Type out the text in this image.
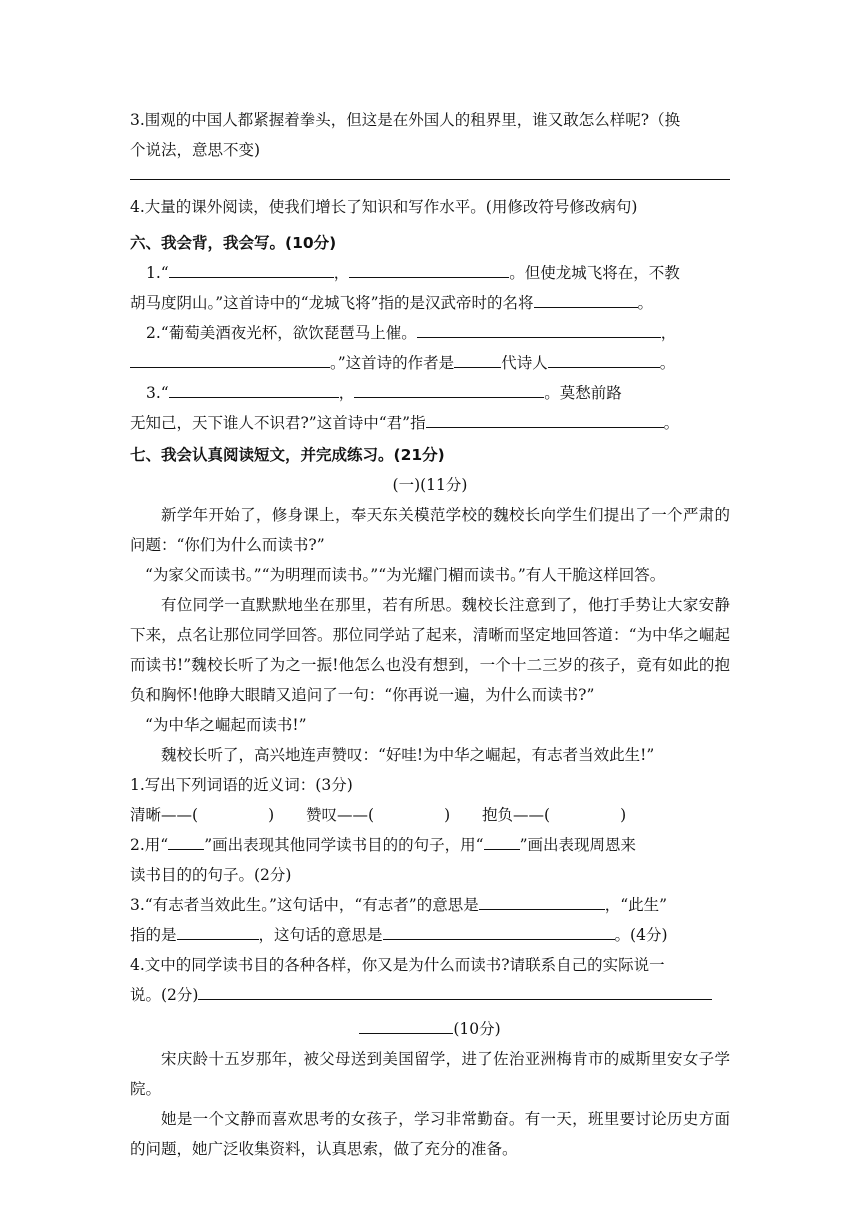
3.围观的中国人都紧握着拳头，但这是在外国人的租界里，谁又敢怎么样呢?（换
个说法，意思不变)
4.大量的课外阅读，使我们增长了知识和写作水平。(用修改符号修改病句)
六、我会背，我会写。(10分)
1.“	，	。但使龙城飞将在，不教
胡马度阴山。”这首诗中的“龙城飞将”指的是汉武帝时的名将	。
2.“葡萄美酒夜光杯，欲饮琵琶马上催。	，
。”这首诗的作者是	代诗人	。
3.“	，	。莫愁前路
无知己，天下谁人不识君?”这首诗中“君”指	。
七、我会认真阅读短文，并完成练习。(21分)
(一)(11分)
新学年开始了，修身课上，奉天东关模范学校的魏校长向学生们提出了一个严肃的问题：“你们为什么而读书?”
“为家父而读书。”“为明理而读书。”“为光耀门楣而读书。”有人干脆这样回答。
有位同学一直默默地坐在那里，若有所思。魏校长注意到了，他打手势让大家安静下来，点名让那位同学回答。那位同学站了起来，清晰而坚定地回答道：“为中华之崛起而读书!”魏校长听了为之一振!他怎么也没有想到，一个十二三岁的孩子，竟有如此的抱负和胸怀!他睁大眼睛又追问了一句：“你再说一遍，为什么而读书?”
“为中华之崛起而读书!”
魏校长听了，高兴地连声赞叹：“好哇!为中华之崛起，有志者当效此生!”
1.写出下列词语的近义词：(3分)
清晰——(	) 赞叹——(	) 抱负——(	)
2.用“ ”画出表现其他同学读书目的的句子，用“ ”画出表现周恩来
读书目的的句子。(2分)
3.“有志者当效此生。”这句话中，“有志者”的意思是	，“此生”
指的是	，这句话的意思是	。(4分)
4.文中的同学读书目的各种各样，你又是为什么而读书?请联系自己的实际说一
说。(2分)
(10分)
宋庆龄十五岁那年，被父母送到美国留学，进了佐治亚洲梅肯市的威斯里安女子学院。
她是一个文静而喜欢思考的女孩子，学习非常勤奋。有一天，班里要讨论历史方面的问题，她广泛收集资料，认真思索，做了充分的准备。
